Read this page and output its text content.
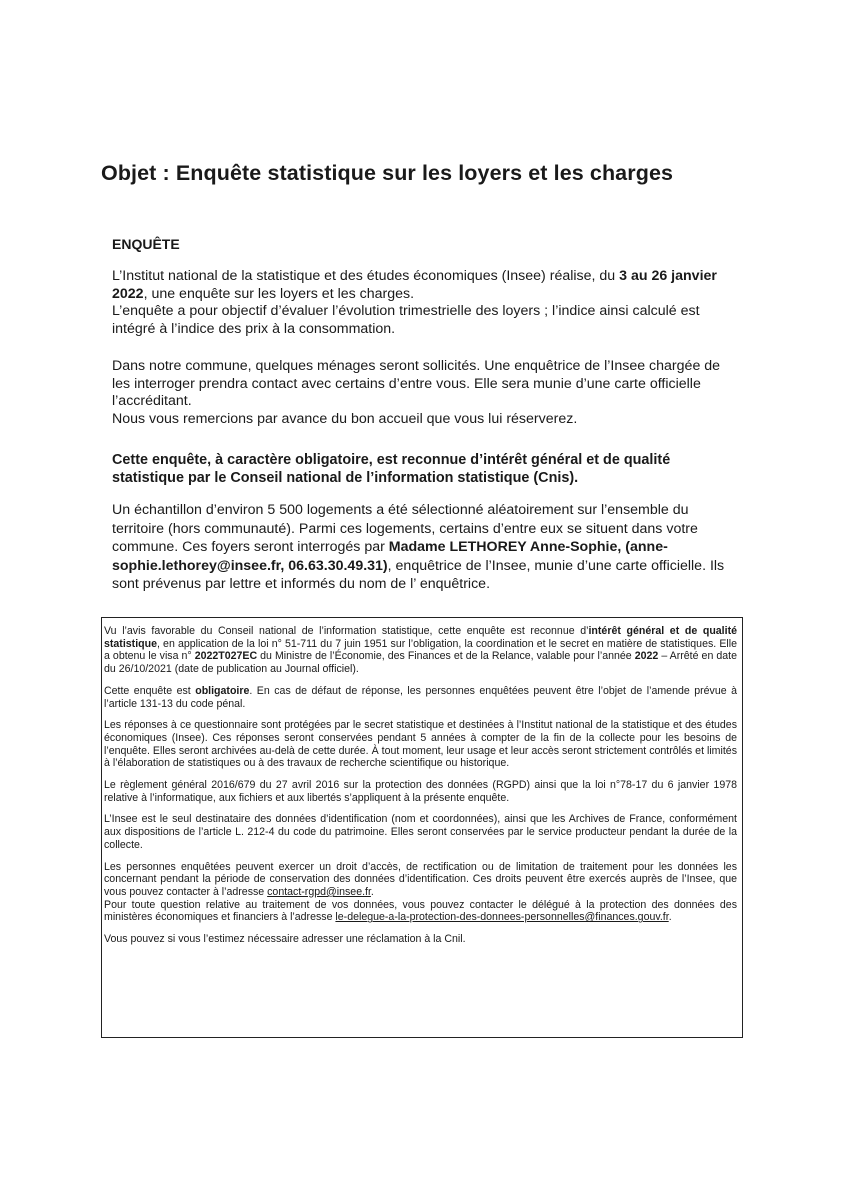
Objet : Enquête statistique sur les loyers et les charges
ENQUÊTE
L’Institut national de la statistique et des études économiques (Insee) réalise, du 3 au 26 janvier 2022, une enquête sur les loyers et les charges.
L’enquête a pour objectif d’évaluer l’évolution trimestrielle des loyers ; l’indice ainsi calculé est intégré à l’indice des prix à la consommation.
Dans notre commune, quelques ménages seront sollicités. Une enquêtrice de l’Insee chargée de les interroger prendra contact avec certains d’entre vous. Elle sera munie d’une carte officielle l’accréditant.
Nous vous remercions par avance du bon accueil que vous lui réserverez.
Cette enquête, à caractère obligatoire, est reconnue d’intérêt général et de qualité statistique par le Conseil national de l’information statistique (Cnis).
Un échantillon d’environ 5 500 logements a été sélectionné aléatoirement sur l’ensemble du territoire (hors communauté). Parmi ces logements, certains d’entre eux se situent dans votre commune. Ces foyers seront interrogés par Madame LETHOREY Anne-Sophie, (anne-sophie.lethorey@insee.fr, 06.63.30.49.31), enquêtrice de l’Insee, munie d’une carte officielle. Ils sont prévenus par lettre et informés du nom de l’ enquêtrice.

Vu l’avis favorable du Conseil national de l’information statistique, cette enquête est reconnue d’intérêt général et de qualité statistique, en application de la loi n° 51-711 du 7 juin 1951 sur l’obligation, la coordination et le secret en matière de statistiques. Elle a obtenu le visa n° 2022T027EC du Ministre de l’Économie, des Finances et de la Relance, valable pour l’année 2022 – Arrêté en date du 26/10/2021 (date de publication au Journal officiel).

Cette enquête est obligatoire. En cas de défaut de réponse, les personnes enquêtées peuvent être l’objet de l’amende prévue à l’article 131-13 du code pénal.

Les réponses à ce questionnaire sont protégées par le secret statistique et destinées à l’Institut national de la statistique et des études économiques (Insee). Ces réponses seront conservées pendant 5 années à compter de la fin de la collecte pour les besoins de l’enquête. Elles seront archivées au-delà de cette durée. À tout moment, leur usage et leur accès seront strictement contrôlés et limités à l’élaboration de statistiques ou à des travaux de recherche scientifique ou historique.

Le règlement général 2016/679 du 27 avril 2016 sur la protection des données (RGPD) ainsi que la loi n°78-17 du 6 janvier 1978 relative à l’informatique, aux fichiers et aux libertés s’appliquent à la présente enquête.

L’Insee est le seul destinataire des données d’identification (nom et coordonnées), ainsi que les Archives de France, conformément aux dispositions de l’article L. 212-4 du code du patrimoine. Elles seront conservées par le service producteur pendant la durée de la collecte.

Les personnes enquêtées peuvent exercer un droit d’accès, de rectification ou de limitation de traitement pour les données les concernant pendant la période de conservation des données d’identification. Ces droits peuvent être exercés auprès de l’Insee, que vous pouvez contacter à l’adresse contact-rgpd@insee.fr.
Pour toute question relative au traitement de vos données, vous pouvez contacter le délégué à la protection des données des ministères économiques et financiers à l’adresse le-delegue-a-la-protection-des-donnees-personnelles@finances.gouv.fr.

Vous pouvez si vous l’estimez nécessaire adresser une réclamation à la Cnil.
